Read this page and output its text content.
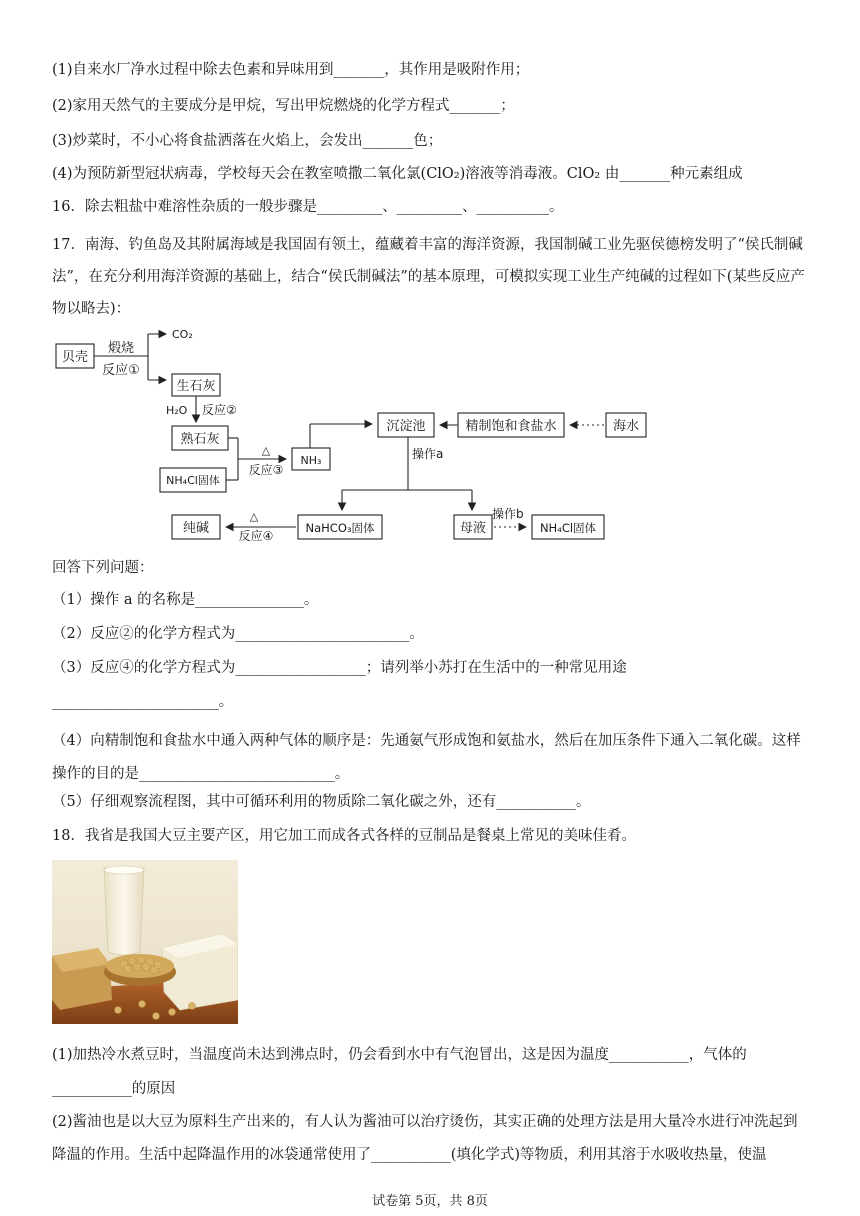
(1)自来水厂净水过程中除去色素和异味用到_______，其作用是吸附作用；
(2)家用天然气的主要成分是甲烷，写出甲烷燃烧的化学方程式_______；
(3)炒菜时，不小心将食盐洒落在火焰上，会发出_______色；
(4)为预防新型冠状病毒，学校每天会在教室喷撒二氧化氯(ClO₂)溶液等消毒液。ClO₂ 由_______种元素组成
16．除去粗盐中难溶性杂质的一般步骤是_________、_________、__________。
17．南海、钓鱼岛及其附属海域是我国固有领土，蕴藏着丰富的海洋资源，我国制碱工业先驱侯德榜发明了“侯氏制碱法”，在充分利用海洋资源的基础上，结合“侯氏制碱法”的基本原理，可模拟实现工业生产纯碱的过程如下(某些反应产物以略去)：
贝壳
煅烧
反应①
CO₂
生石灰
H₂O 反应②
熟石灰
NH₄Cl固体
△
反应③
NH₃
沉淀池	精制饱和食盐水	海水
操作a
纯碱
△
反应④
NaHCO₃固体	母液
操作b
NH₄Cl固体
回答下列问题：
（1）操作 a 的名称是_______________。
（2）反应②的化学方程式为________________________。
（3）反应④的化学方程式为__________________；请列举小苏打在生活中的一种常见用途
_______________________。
（4）向精制饱和食盐水中通入两种气体的顺序是：先通氨气形成饱和氨盐水，然后在加压条件下通入二氧化碳。这样操作的目的是___________________________。
（5）仔细观察流程图，其中可循环利用的物质除二氧化碳之外，还有___________。
18．我省是我国大豆主要产区，用它加工而成各式各样的豆制品是餐桌上常见的美味佳肴。
(1)加热冷水煮豆时，当温度尚未达到沸点时，仍会看到水中有气泡冒出，这是因为温度___________，气体的___________的原因
(2)酱油也是以大豆为原料生产出来的，有人认为酱油可以治疗烫伤，其实正确的处理方法是用大量冷水进行冲洗起到降温的作用。生活中起降温作用的冰袋通常使用了___________(填化学式)等物质，利用其溶于水吸收热量，使温
试卷第 5页，共 8页
